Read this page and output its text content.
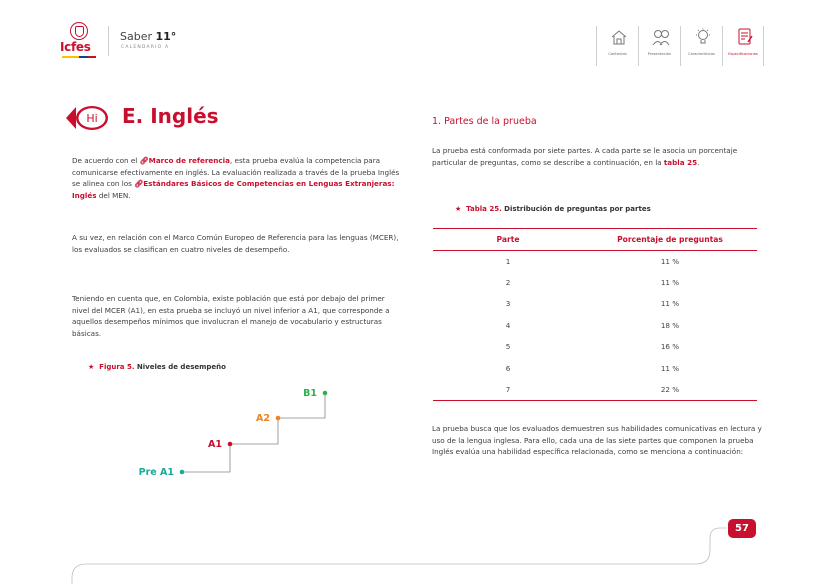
Icfes
Saber 11°
CALENDARIO A
Contenido	Presentación	Características	Especificaciones
Hi E. Inglés
De acuerdo con el 🔗︎Marco de referencia, esta prueba evalúa la competencia para comunicarse efectivamente en inglés. La evaluación realizada a través de la prueba Inglés se alinea con los 🔗︎Estándares Básicos de Competencias en Lenguas Extranjeras: Inglés del MEN.
A su vez, en relación con el Marco Común Europeo de Referencia para las lenguas (MCER), los evaluados se clasifican en cuatro niveles de desempeño.
Teniendo en cuenta que, en Colombia, existe población que está por debajo del primer nivel del MCER (A1), en esta prueba se incluyó un nivel inferior a A1, que corresponde a aquellos desempeños mínimos que involucran el manejo de vocabulario y estructuras básicas.
★ Figura 5. Niveles de desempeño
Pre A1
A1
A2
B1
1. Partes de la prueba
La prueba está conformada por siete partes. A cada parte se le asocia un porcentaje particular de preguntas, como se describe a continuación, en la tabla 25.
★ Tabla 25. Distribución de preguntas por partes
Parte	Porcentaje de preguntas
1	11 %
2	11 %
3	11 %
4	18 %
5	16 %
6	11 %
7	22 %
La prueba busca que los evaluados demuestren sus habilidades comunicativas en lectura y uso de la lengua inglesa. Para ello, cada una de las siete partes que componen la prueba Inglés evalúa una habilidad específica relacionada, como se menciona a continuación:
57
